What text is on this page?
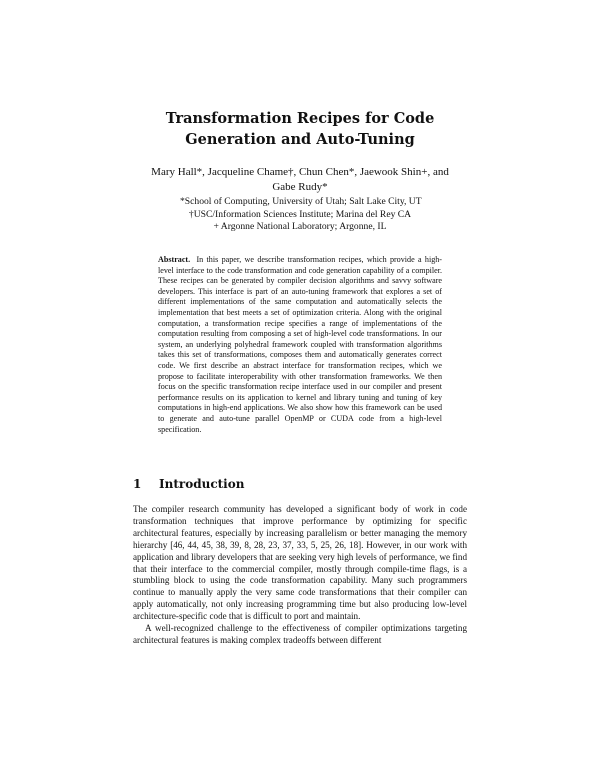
Transformation Recipes for Code Generation and Auto-Tuning
Mary Hall*, Jacqueline Chame†, Chun Chen*, Jaewook Shin+, and Gabe Rudy*
*School of Computing, University of Utah; Salt Lake City, UT
†USC/Information Sciences Institute; Marina del Rey CA
+ Argonne National Laboratory; Argonne, IL
Abstract. In this paper, we describe transformation recipes, which provide a high-level interface to the code transformation and code generation capability of a compiler. These recipes can be generated by compiler decision algorithms and savvy software developers. This interface is part of an auto-tuning framework that explores a set of different implementations of the same computation and automatically selects the implementation that best meets a set of optimization criteria. Along with the original computation, a transformation recipe specifies a range of implementations of the computation resulting from composing a set of high-level code transformations. In our system, an underlying polyhedral framework coupled with transformation algorithms takes this set of transformations, composes them and automatically generates correct code. We first describe an abstract interface for transformation recipes, which we propose to facilitate interoperability with other transformation frameworks. We then focus on the specific transformation recipe interface used in our compiler and present performance results on its application to kernel and library tuning and tuning of key computations in high-end applications. We also show how this framework can be used to generate and auto-tune parallel OpenMP or CUDA code from a high-level specification.
1 Introduction

The compiler research community has developed a significant body of work in code transformation techniques that improve performance by optimizing for specific architectural features, especially by increasing parallelism or better managing the memory hierarchy [46, 44, 45, 38, 39, 8, 28, 23, 37, 33, 5, 25, 26, 18]. However, in our work with application and library developers that are seeking very high levels of performance, we find that their interface to the commercial compiler, mostly through compile-time flags, is a stumbling block to using the code transformation capability. Many such programmers continue to manually apply the very same code transformations that their compiler can apply automatically, not only increasing programming time but also producing low-level architecture-specific code that is difficult to port and maintain.

A well-recognized challenge to the effectiveness of compiler optimizations targeting architectural features is making complex tradeoffs between different
